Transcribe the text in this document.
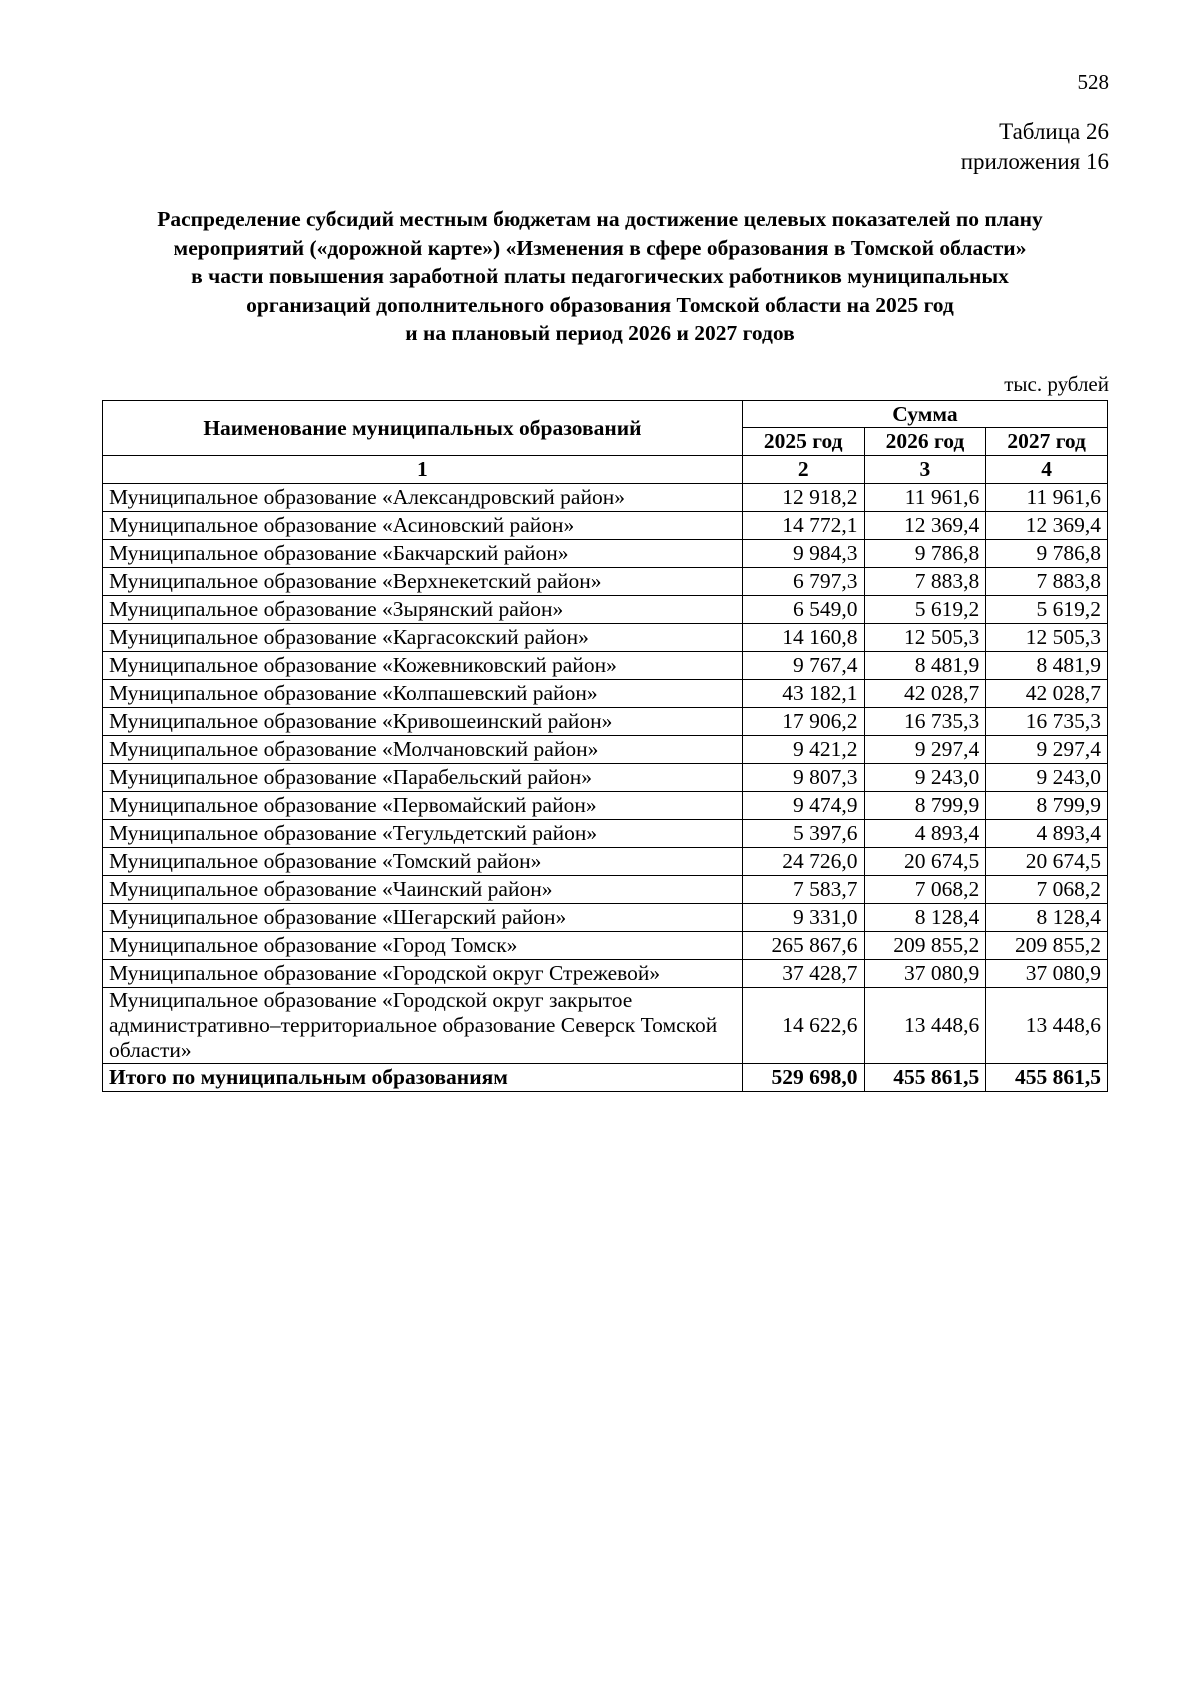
528
Таблица 26
приложения 16
Распределение субсидий местным бюджетам на достижение целевых показателей по плану
мероприятий («дорожной карте») «Изменения в сфере образования в Томской области»
в части повышения заработной платы педагогических работников муниципальных
организаций дополнительного образования Томской области на 2025 год
и на плановый период 2026 и 2027 годов
тыс. рублей
Наименование муниципальных образований	Сумма		
	2025 год	2026 год	2027 год
1	2	3	4
Муниципальное образование «Александровский район»	12 918,2	11 961,6	11 961,6
Муниципальное образование «Асиновский район»	14 772,1	12 369,4	12 369,4
Муниципальное образование «Бакчарский район»	9 984,3	9 786,8	9 786,8
Муниципальное образование «Верхнекетский район»	6 797,3	7 883,8	7 883,8
Муниципальное образование «Зырянский район»	6 549,0	5 619,2	5 619,2
Муниципальное образование «Каргасокский район»	14 160,8	12 505,3	12 505,3
Муниципальное образование «Кожевниковский район»	9 767,4	8 481,9	8 481,9
Муниципальное образование «Колпашевский район»	43 182,1	42 028,7	42 028,7
Муниципальное образование «Кривошеинский район»	17 906,2	16 735,3	16 735,3
Муниципальное образование «Молчановский район»	9 421,2	9 297,4	9 297,4
Муниципальное образование «Парабельский район»	9 807,3	9 243,0	9 243,0
Муниципальное образование «Первомайский район»	9 474,9	8 799,9	8 799,9
Муниципальное образование «Тегульдетский район»	5 397,6	4 893,4	4 893,4
Муниципальное образование «Томский район»	24 726,0	20 674,5	20 674,5
Муниципальное образование «Чаинский район»	7 583,7	7 068,2	7 068,2
Муниципальное образование «Шегарский район»	9 331,0	8 128,4	8 128,4
Муниципальное образование «Город Томск»	265 867,6	209 855,2	209 855,2
Муниципальное образование «Городской округ Стрежевой»	37 428,7	37 080,9	37 080,9
Муниципальное образование «Городской округ закрытое административно–территориальное образование Северск Томской области»	14 622,6	13 448,6	13 448,6
Итого по муниципальным образованиям	529 698,0	455 861,5	455 861,5
